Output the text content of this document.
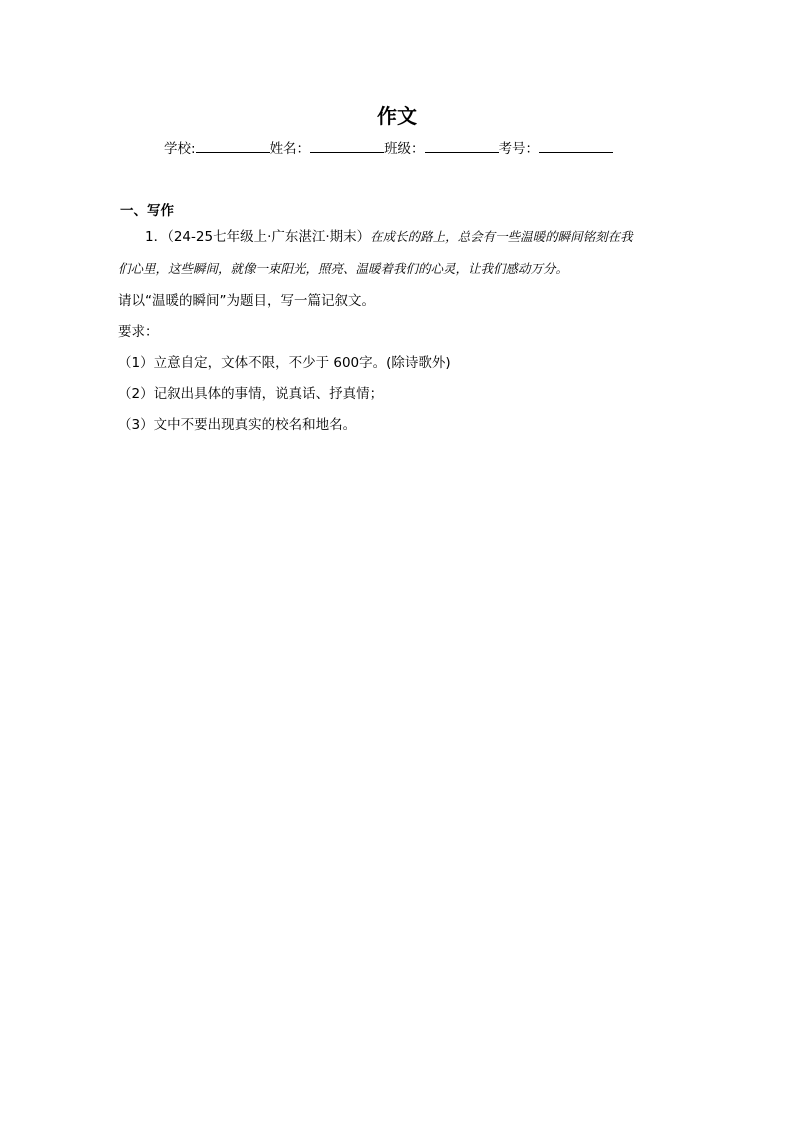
作文
学校:	姓名：	班级：	考号：
一、写作
1．（24-25七年级上·广东湛江·期末）在成长的路上，总会有一些温暖的瞬间铭刻在我
们心里，这些瞬间，就像一束阳光，照亮、温暖着我们的心灵，让我们感动万分。
请以“温暖的瞬间”为题目，写一篇记叙文。
要求：
（1）立意自定，文体不限，不少于 600字。(除诗歌外)
（2）记叙出具体的事情，说真话、抒真情；
（3）文中不要出现真实的校名和地名。
